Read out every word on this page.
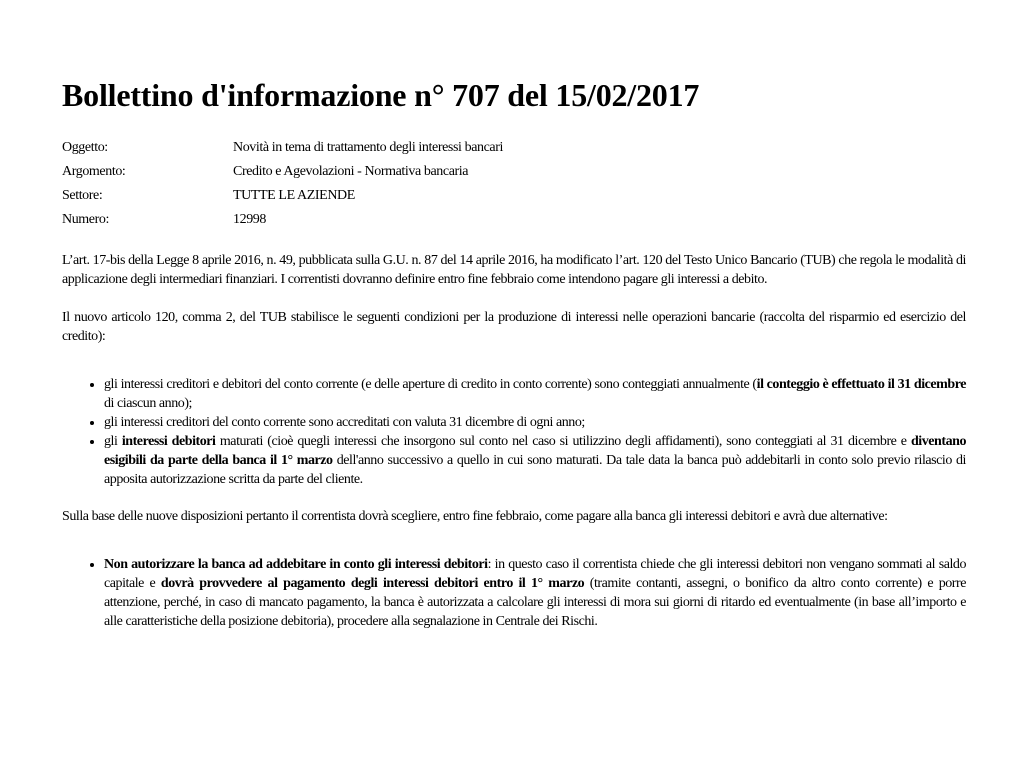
Bollettino d'informazione n° 707 del 15/02/2017
Oggetto:	Novità in tema di trattamento degli interessi bancari
Argomento:	Credito e Agevolazioni - Normativa bancaria
Settore:	TUTTE LE AZIENDE
Numero:	12998

L’art. 17-bis della Legge 8 aprile 2016, n. 49, pubblicata sulla G.U. n. 87 del 14 aprile 2016, ha modificato l’art. 120 del Testo Unico Bancario (TUB) che regola le modalità di applicazione degli intermediari finanziari. I correntisti dovranno definire entro fine febbraio come intendono pagare gli interessi a debito.

Il nuovo articolo 120, comma 2, del TUB stabilisce le seguenti condizioni per la produzione di interessi nelle operazioni bancarie (raccolta del risparmio ed esercizio del credito):

• gli interessi creditori e debitori del conto corrente (e delle aperture di credito in conto corrente) sono conteggiati annualmente (il conteggio è effettuato il 31 dicembre di ciascun anno);
• gli interessi creditori del conto corrente sono accreditati con valuta 31 dicembre di ogni anno;
• gli interessi debitori maturati (cioè quegli interessi che insorgono sul conto nel caso si utilizzino degli affidamenti), sono conteggiati al 31 dicembre e diventano esigibili da parte della banca il 1° marzo dell'anno successivo a quello in cui sono maturati. Da tale data la banca può addebitarli in conto solo previo rilascio di apposita autorizzazione scritta da parte del cliente.

Sulla base delle nuove disposizioni pertanto il correntista dovrà scegliere, entro fine febbraio, come pagare alla banca gli interessi debitori e avrà due alternative:

• Non autorizzare la banca ad addebitare in conto gli interessi debitori: in questo caso il correntista chiede che gli interessi debitori non vengano sommati al saldo capitale e dovrà provvedere al pagamento degli interessi debitori entro il 1° marzo (tramite contanti, assegni, o bonifico da altro conto corrente) e porre attenzione, perché, in caso di mancato pagamento, la banca è autorizzata a calcolare gli interessi di mora sui giorni di ritardo ed eventualmente (in base all’importo e alle caratteristiche della posizione debitoria), procedere alla segnalazione in Centrale dei Rischi.
